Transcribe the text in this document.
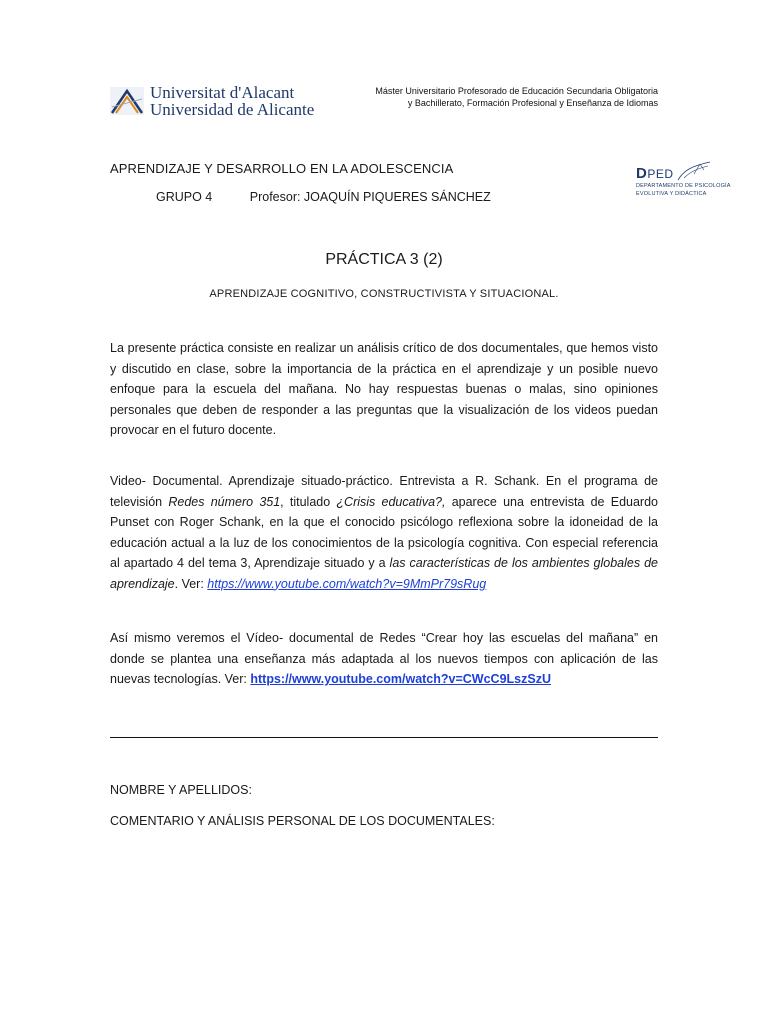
Universitat d'Alacant
Universidad de Alicante
Máster Universitario Profesorado de Educación Secundaria Obligatoria
y Bachillerato, Formación Profesional y Enseñanza de Idiomas
APRENDIZAJE Y DESARROLLO EN LA ADOLESCENCIA
GRUPO 4	Profesor: JOAQUÍN PIQUERES SÁNCHEZ
DPED
DEPARTAMENTO DE PSICOLOGÍA
EVOLUTIVA Y DIDÁCTICA
PRÁCTICA 3 (2)
APRENDIZAJE COGNITIVO, CONSTRUCTIVISTA Y SITUACIONAL.
La presente práctica consiste en realizar un análisis crítico de dos documentales, que hemos visto y discutido en clase, sobre la importancia de la práctica en el aprendizaje y un posible nuevo enfoque para la escuela del mañana. No hay respuestas buenas o malas, sino opiniones personales que deben de responder a las preguntas que la visualización de los videos puedan provocar en el futuro docente.
Video- Documental. Aprendizaje situado-práctico. Entrevista a R. Schank. En el programa de televisión Redes número 351, titulado ¿Crisis educativa?, aparece una entrevista de Eduardo Punset con Roger Schank, en la que el conocido psicólogo reflexiona sobre la idoneidad de la educación actual a la luz de los conocimientos de la psicología cognitiva. Con especial referencia al apartado 4 del tema 3, Aprendizaje situado y a las características de los ambientes globales de aprendizaje. Ver: https://www.youtube.com/watch?v=9MmPr79sRug
Así mismo veremos el Vídeo- documental de Redes “Crear hoy las escuelas del mañana” en donde se plantea una enseñanza más adaptada al los nuevos tiempos con aplicación de las nuevas tecnologías. Ver: https://www.youtube.com/watch?v=CWcC9LszSzU
NOMBRE Y APELLIDOS:
COMENTARIO Y ANÁLISIS PERSONAL DE LOS DOCUMENTALES:
